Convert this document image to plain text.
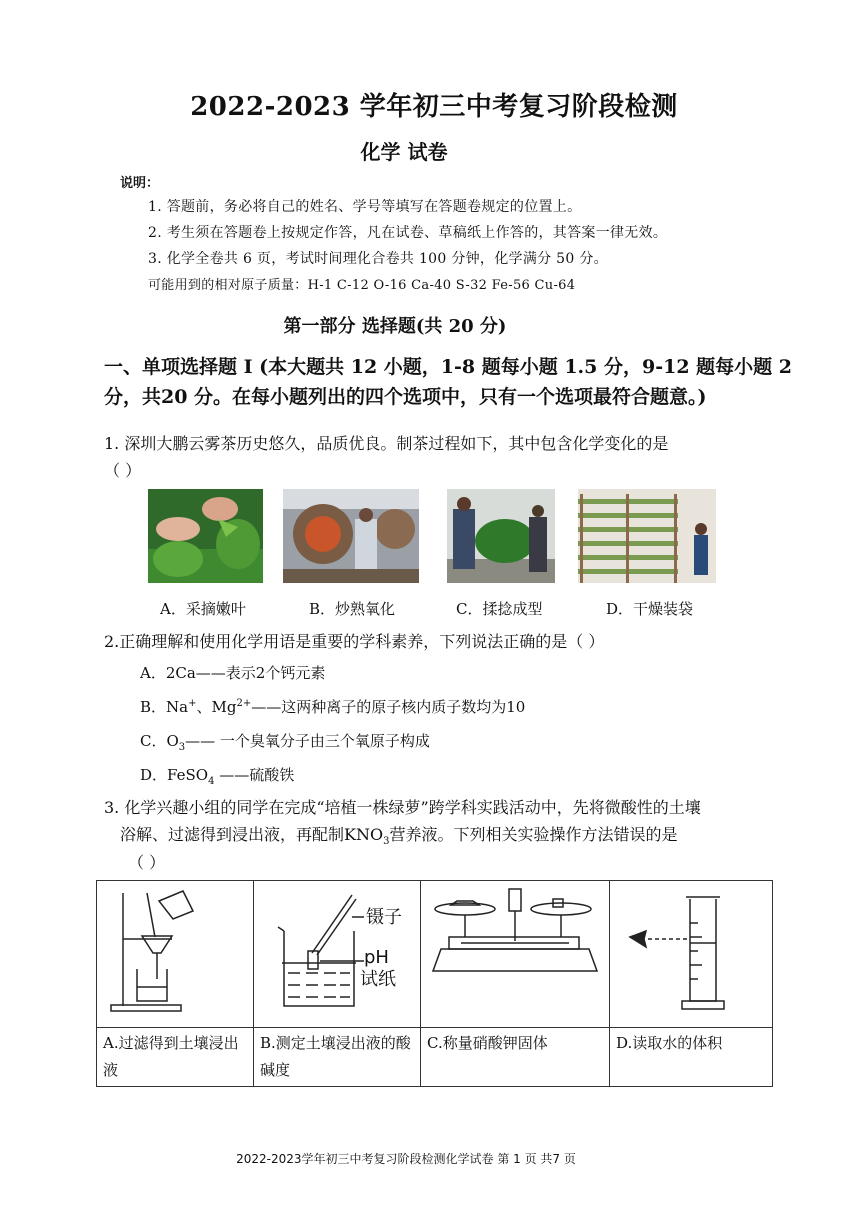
2022-2023 学年初三中考复习阶段检测
化学 试卷
说明：
1. 答题前，务必将自己的姓名、学号等填写在答题卷规定的位置上。
2. 考生须在答题卷上按规定作答，凡在试卷、草稿纸上作答的，其答案一律无效。
3. 化学全卷共 6 页，考试时间理化合卷共 100 分钟，化学满分 50 分。
可能用到的相对原子质量：H-1 C-12 O-16 Ca-40 S-32 Fe-56 Cu-64
第一部分 选择题(共 20 分)
一、单项选择题 I (本大题共 12 小题，1-8 题每小题 1.5 分，9-12 题每小题 2
分，共20 分。在每小题列出的四个选项中，只有一个选项最符合题意。)
1. 深圳大鹏云雾茶历史悠久，品质优良。制茶过程如下，其中包含化学变化的是
（ ）
A．采摘嫩叶	B．炒熟氧化	C．揉捻成型	D．干燥装袋
2.正确理解和使用化学用语是重要的学科素养，下列说法正确的是（ ）
A．2Ca——表示2个钙元素
B．Na+、$Mg^{2+}——$这两种离子的原子核内质子数均为10
C．$O_3——$ 一个臭氧分子由三个氧原子构成
D．FeSO$_4$ ——硫酸铁
3. 化学兴趣小组的同学在完成“培植一株绿萝”跨学科实践活动中，先将微酸性的土壤
浴解、过滤得到浸出液，再配制$KNO_3$营养液。下列相关实验操作方法错误的是
（ ）

镊子
pH
试纸

A.过滤得到土壤浸出液	B.测定土壤浸出液的酸碱度	C.称量硝酸钾固体	D.读取水的体积
2022-2023学年初三中考复习阶段检测化学试卷 第 1 页 共7 页
